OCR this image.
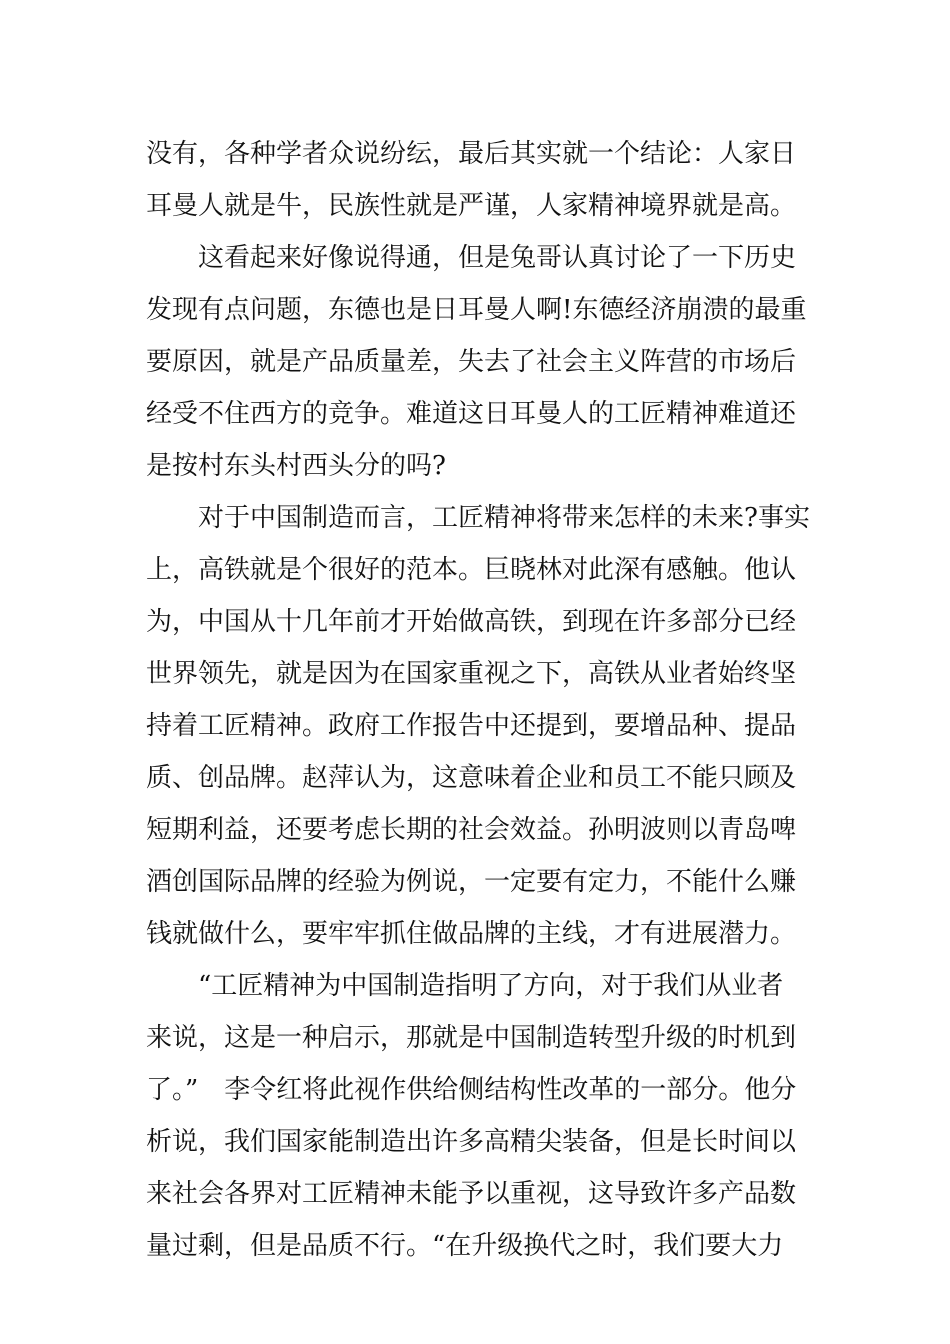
没有，各种学者众说纷纭，最后其实就一个结论：人家日
耳曼人就是牛，民族性就是严谨，人家精神境界就是高。
　　这看起来好像说得通，但是兔哥认真讨论了一下历史
发现有点问题，东德也是日耳曼人啊!东德经济崩溃的最重
要原因，就是产品质量差，失去了社会主义阵营的市场后
经受不住西方的竞争。难道这日耳曼人的工匠精神难道还
是按村东头村西头分的吗?
　　对于中国制造而言，工匠精神将带来怎样的未来?事实
上，高铁就是个很好的范本。巨晓林对此深有感触。他认
为，中国从十几年前才开始做高铁，到现在许多部分已经
世界领先，就是因为在国家重视之下，高铁从业者始终坚
持着工匠精神。政府工作报告中还提到，要增品种、提品
质、创品牌。赵萍认为，这意味着企业和员工不能只顾及
短期利益，还要考虑长期的社会效益。孙明波则以青岛啤
酒创国际品牌的经验为例说，一定要有定力，不能什么赚
钱就做什么，要牢牢抓住做品牌的主线，才有进展潜力。
　　“工匠精神为中国制造指明了方向，对于我们从业者
来说，这是一种启示，那就是中国制造转型升级的时机到
了。”　李令红将此视作供给侧结构性改革的一部分。他分
析说，我们国家能制造出许多高精尖装备，但是长时间以
来社会各界对工匠精神未能予以重视，这导致许多产品数
量过剩，但是品质不行。“在升级换代之时，我们要大力
